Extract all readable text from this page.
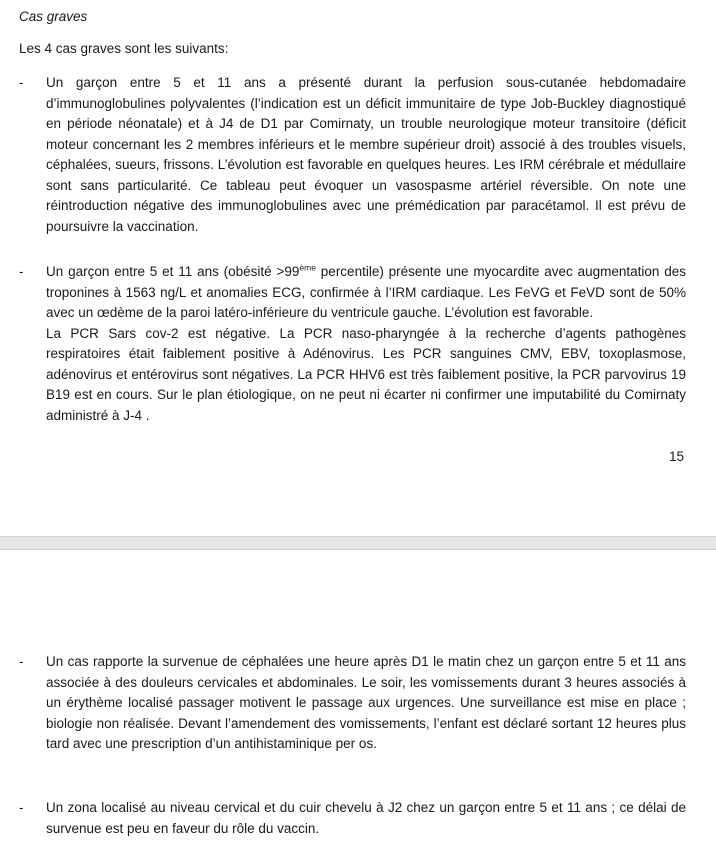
Cas graves
Les 4 cas graves sont les suivants:
- Un garçon entre 5 et 11 ans a présenté durant la perfusion sous-cutanée hebdomadaire d’immunoglobulines polyvalentes (l’indication est un déficit immunitaire de type Job-Buckley diagnostiqué en période néonatale) et à J4 de D1 par Comirnaty, un trouble neurologique moteur transitoire (déficit moteur concernant les 2 membres inférieurs et le membre supérieur droit) associé à des troubles visuels, céphalées, sueurs, frissons. L’évolution est favorable en quelques heures. Les IRM cérébrale et médullaire sont sans particularité. Ce tableau peut évoquer un vasospasme artériel réversible. On note une réintroduction négative des immunoglobulines avec une prémédication par paracétamol. Il est prévu de poursuivre la vaccination.

- Un garçon entre 5 et 11 ans (obésité >99ème percentile) présente une myocardite avec augmentation des troponines à 1563 ng/L et anomalies ECG, confirmée à l’IRM cardiaque. Les FeVG et FeVD sont de 50% avec un œdème de la paroi latéro-inférieure du ventricule gauche. L’évolution est favorable.

La PCR Sars cov-2 est négative. La PCR naso-pharyngée à la recherche d’agents pathogènes respiratoires était faiblement positive à Adénovirus. Les PCR sanguines CMV, EBV, toxoplasmose, adénovirus et entérovirus sont négatives. La PCR HHV6 est très faiblement positive, la PCR parvovirus 19 B19 est en cours. Sur le plan étiologique, on ne peut ni écarter ni confirmer une imputabilité du Comirnaty administré à J-4 .

15
- Un cas rapporte la survenue de céphalées une heure après D1 le matin chez un garçon entre 5 et 11 ans associée à des douleurs cervicales et abdominales. Le soir, les vomissements durant 3 heures associés à un érythème localisé passager motivent le passage aux urgences. Une surveillance est mise en place ; biologie non réalisée. Devant l’amendement des vomissements, l’enfant est déclaré sortant 12 heures plus tard avec une prescription d’un antihistaminique per os.

- Un zona localisé au niveau cervical et du cuir chevelu à J2 chez un garçon entre 5 et 11 ans ; ce délai de survenue est peu en faveur du rôle du vaccin.
